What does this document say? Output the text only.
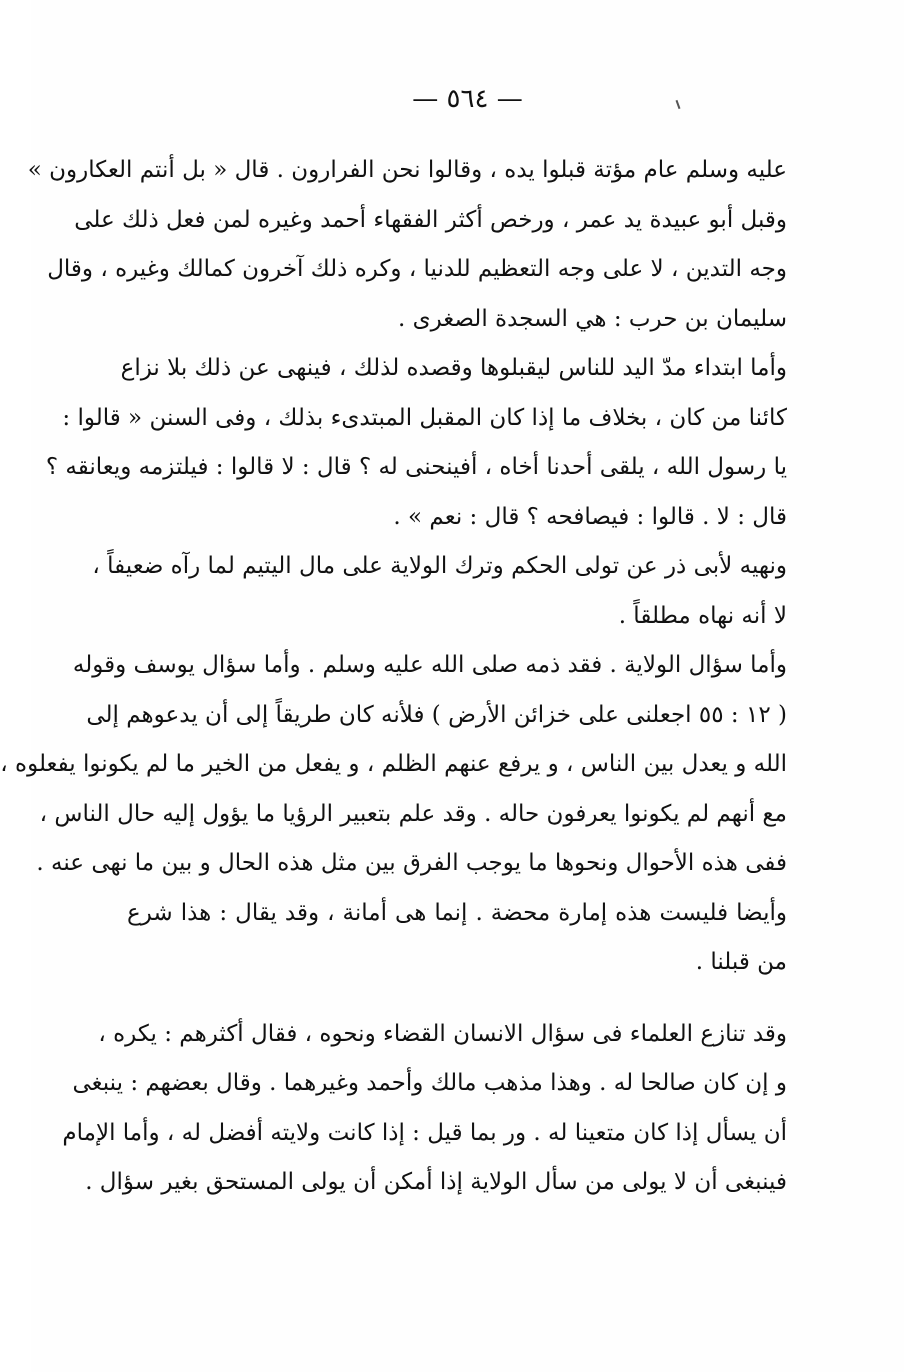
— ٥٦٤ —
عليه وسلم عام مؤتة قبلوا يده ، وقالوا نحن الفرارون . قال « بل أنتم العكارون »
وقبل أبو عبيدة يد عمر ، ورخص أكثر الفقهاء أحمد وغيره لمن فعل ذلك على
وجه التدين ، لا على وجه التعظيم للدنيا ، وكره ذلك آخرون كمالك وغيره ، وقال
سليمان بن حرب : هي السجدة الصغرى .
وأما ابتداء مدّ اليد للناس ليقبلوها وقصده لذلك ، فينهى عن ذلك بلا نزاع
كائنا من كان ، بخلاف ما إذا كان المقبل المبتدىء بذلك ، وفى السنن « قالوا :
يا رسول الله ، يلقى أحدنا أخاه ، أفينحنى له ؟ قال : لا قالوا : فيلتزمه ويعانقه ؟
قال : لا . قالوا : فيصافحه ؟ قال : نعم » .
ونهيه لأبى ذر عن تولى الحكم وترك الولاية على مال اليتيم لما رآه ضعيفاً ،
لا أنه نهاه مطلقاً .
وأما سؤال الولاية . فقد ذمه صلى الله عليه وسلم . وأما سؤال يوسف وقوله
( ١٢ : ٥٥ اجعلنى على خزائن الأرض ) فلأنه كان طريقاً إلى أن يدعوهم إلى
الله و يعدل بين الناس ، و يرفع عنهم الظلم ، و يفعل من الخير ما لم يكونوا يفعلوه ،
مع أنهم لم يكونوا يعرفون حاله . وقد علم بتعبير الرؤيا ما يؤول إليه حال الناس ،
ففى هذه الأحوال ونحوها ما يوجب الفرق بين مثل هذه الحال و بين ما نهى عنه .
وأيضا فليست هذه إمارة محضة . إنما هى أمانة ، وقد يقال : هذا شرع
من قبلنا .
وقد تنازع العلماء فى سؤال الانسان القضاء ونحوه ، فقال أكثرهم : يكره ،
و إن كان صالحا له . وهذا مذهب مالك وأحمد وغيرهما . وقال بعضهم : ينبغى
أن يسأل إذا كان متعينا له . ور بما قيل : إذا كانت ولايته أفضل له ، وأما الإمام
فينبغى أن لا يولى من سأل الولاية إذا أمكن أن يولى المستحق بغير سؤال .
